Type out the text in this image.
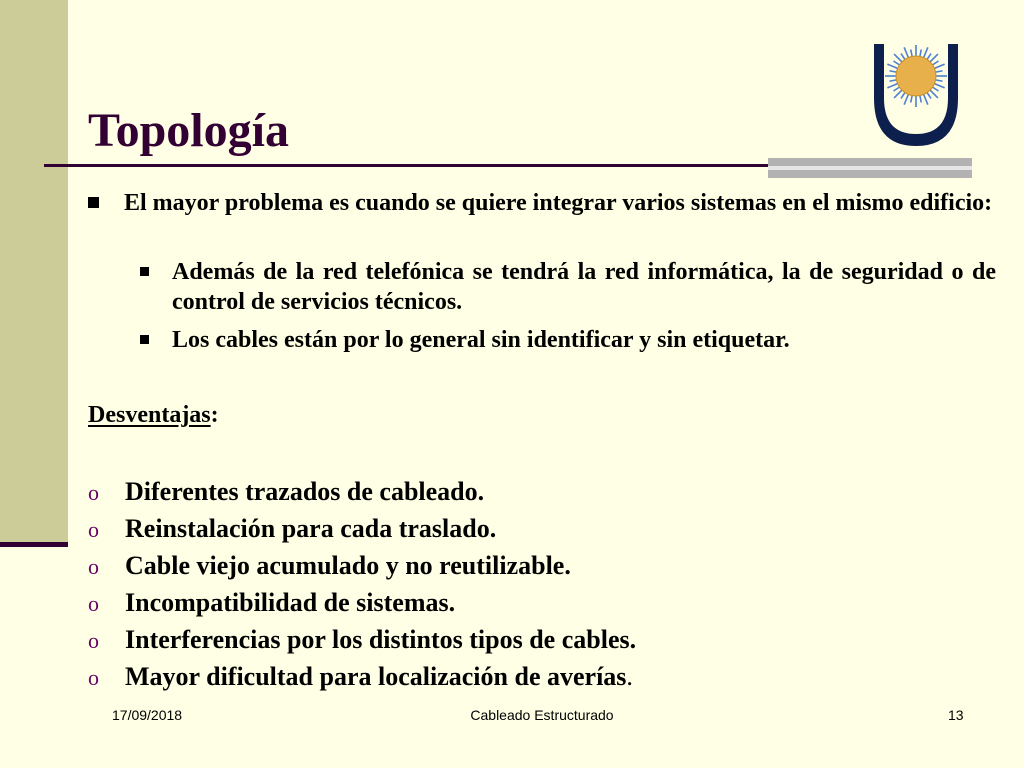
Topología
El mayor problema es cuando se quiere integrar varios sistemas en el mismo edificio:
Además de la red telefónica se tendrá la red informática, la de seguridad o de control de servicios técnicos.
Los cables están por lo general sin identificar y sin etiquetar.
Desventajas:
o Diferentes trazados de cableado.
o Reinstalación para cada traslado.
o Cable viejo acumulado y no reutilizable.
o Incompatibilidad de sistemas.
o Interferencias por los distintos tipos de cables.
o Mayor dificultad para localización de averías.
17/09/2018	Cableado Estructurado	13
